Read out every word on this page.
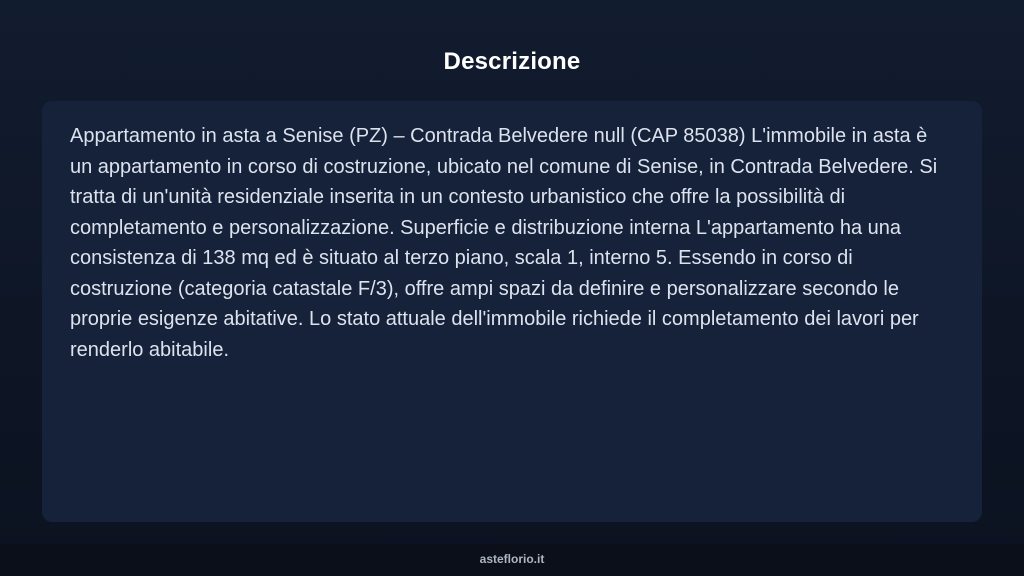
Descrizione

Appartamento in asta a Senise (PZ) – Contrada Belvedere null (CAP 85038) L'immobile in asta è un appartamento in corso di costruzione, ubicato nel comune di Senise, in Contrada Belvedere. Si tratta di un'unità residenziale inserita in un contesto urbanistico che offre la possibilità di completamento e personalizzazione. Superficie e distribuzione interna L'appartamento ha una consistenza di 138 mq ed è situato al terzo piano, scala 1, interno 5. Essendo in corso di costruzione (categoria catastale F/3), offre ampi spazi da definire e personalizzare secondo le proprie esigenze abitative. Lo stato attuale dell'immobile richiede il completamento dei lavori per renderlo abitabile.

asteflorio.it
